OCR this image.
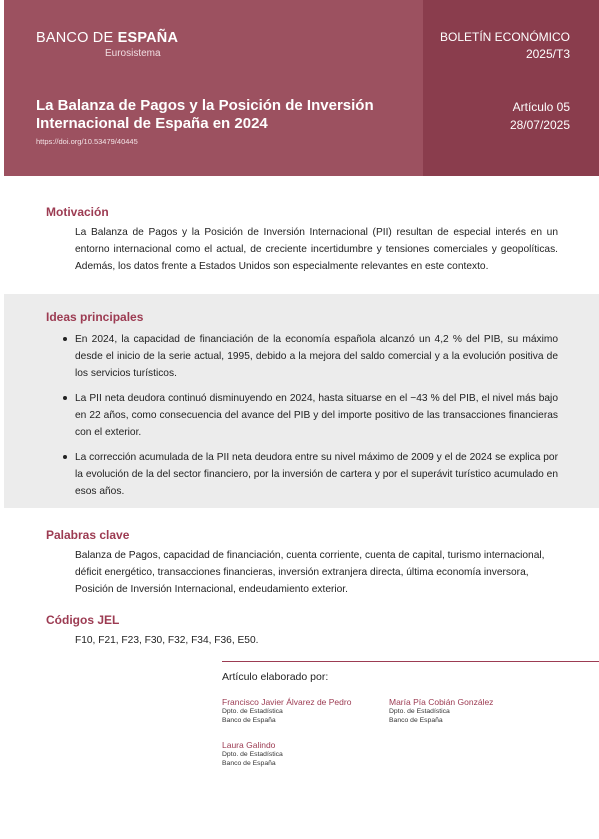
BANCO DE ESPAÑA
Eurosistema
La Balanza de Pagos y la Posición de Inversión Internacional de España en 2024
https://doi.org/10.53479/40445
BOLETÍN ECONÓMICO
2025/T3
Artículo 05
28/07/2025
Motivación

La Balanza de Pagos y la Posición de Inversión Internacional (PII) resultan de especial interés en un entorno internacional como el actual, de creciente incertidumbre y tensiones comerciales y geopolíticas. Además, los datos frente a Estados Unidos son especialmente relevantes en este contexto.

Ideas principales
En 2024, la capacidad de financiación de la economía española alcanzó un 4,2 % del PIB, su máximo desde el inicio de la serie actual, 1995, debido a la mejora del saldo comercial y a la evolución positiva de los servicios turísticos.
La PII neta deudora continuó disminuyendo en 2024, hasta situarse en el −43 % del PIB, el nivel más bajo en 22 años, como consecuencia del avance del PIB y del importe positivo de las transacciones financieras con el exterior.
La corrección acumulada de la PII neta deudora entre su nivel máximo de 2009 y el de 2024 se explica por la evolución de la del sector financiero, por la inversión de cartera y por el superávit turístico acumulado en esos años.
Palabras clave

Balanza de Pagos, capacidad de financiación, cuenta corriente, cuenta de capital, turismo internacional, déficit energético, transacciones financieras, inversión extranjera directa, última economía inversora, Posición de Inversión Internacional, endeudamiento exterior.

Códigos JEL

F10, F21, F23, F30, F32, F34, F36, E50.

Artículo elaborado por:
Francisco Javier Álvarez de Pedro
Dpto. de Estadística
Banco de España
María Pía Cobián González
Dpto. de Estadística
Banco de España
Laura Galindo
Dpto. de Estadística
Banco de España
